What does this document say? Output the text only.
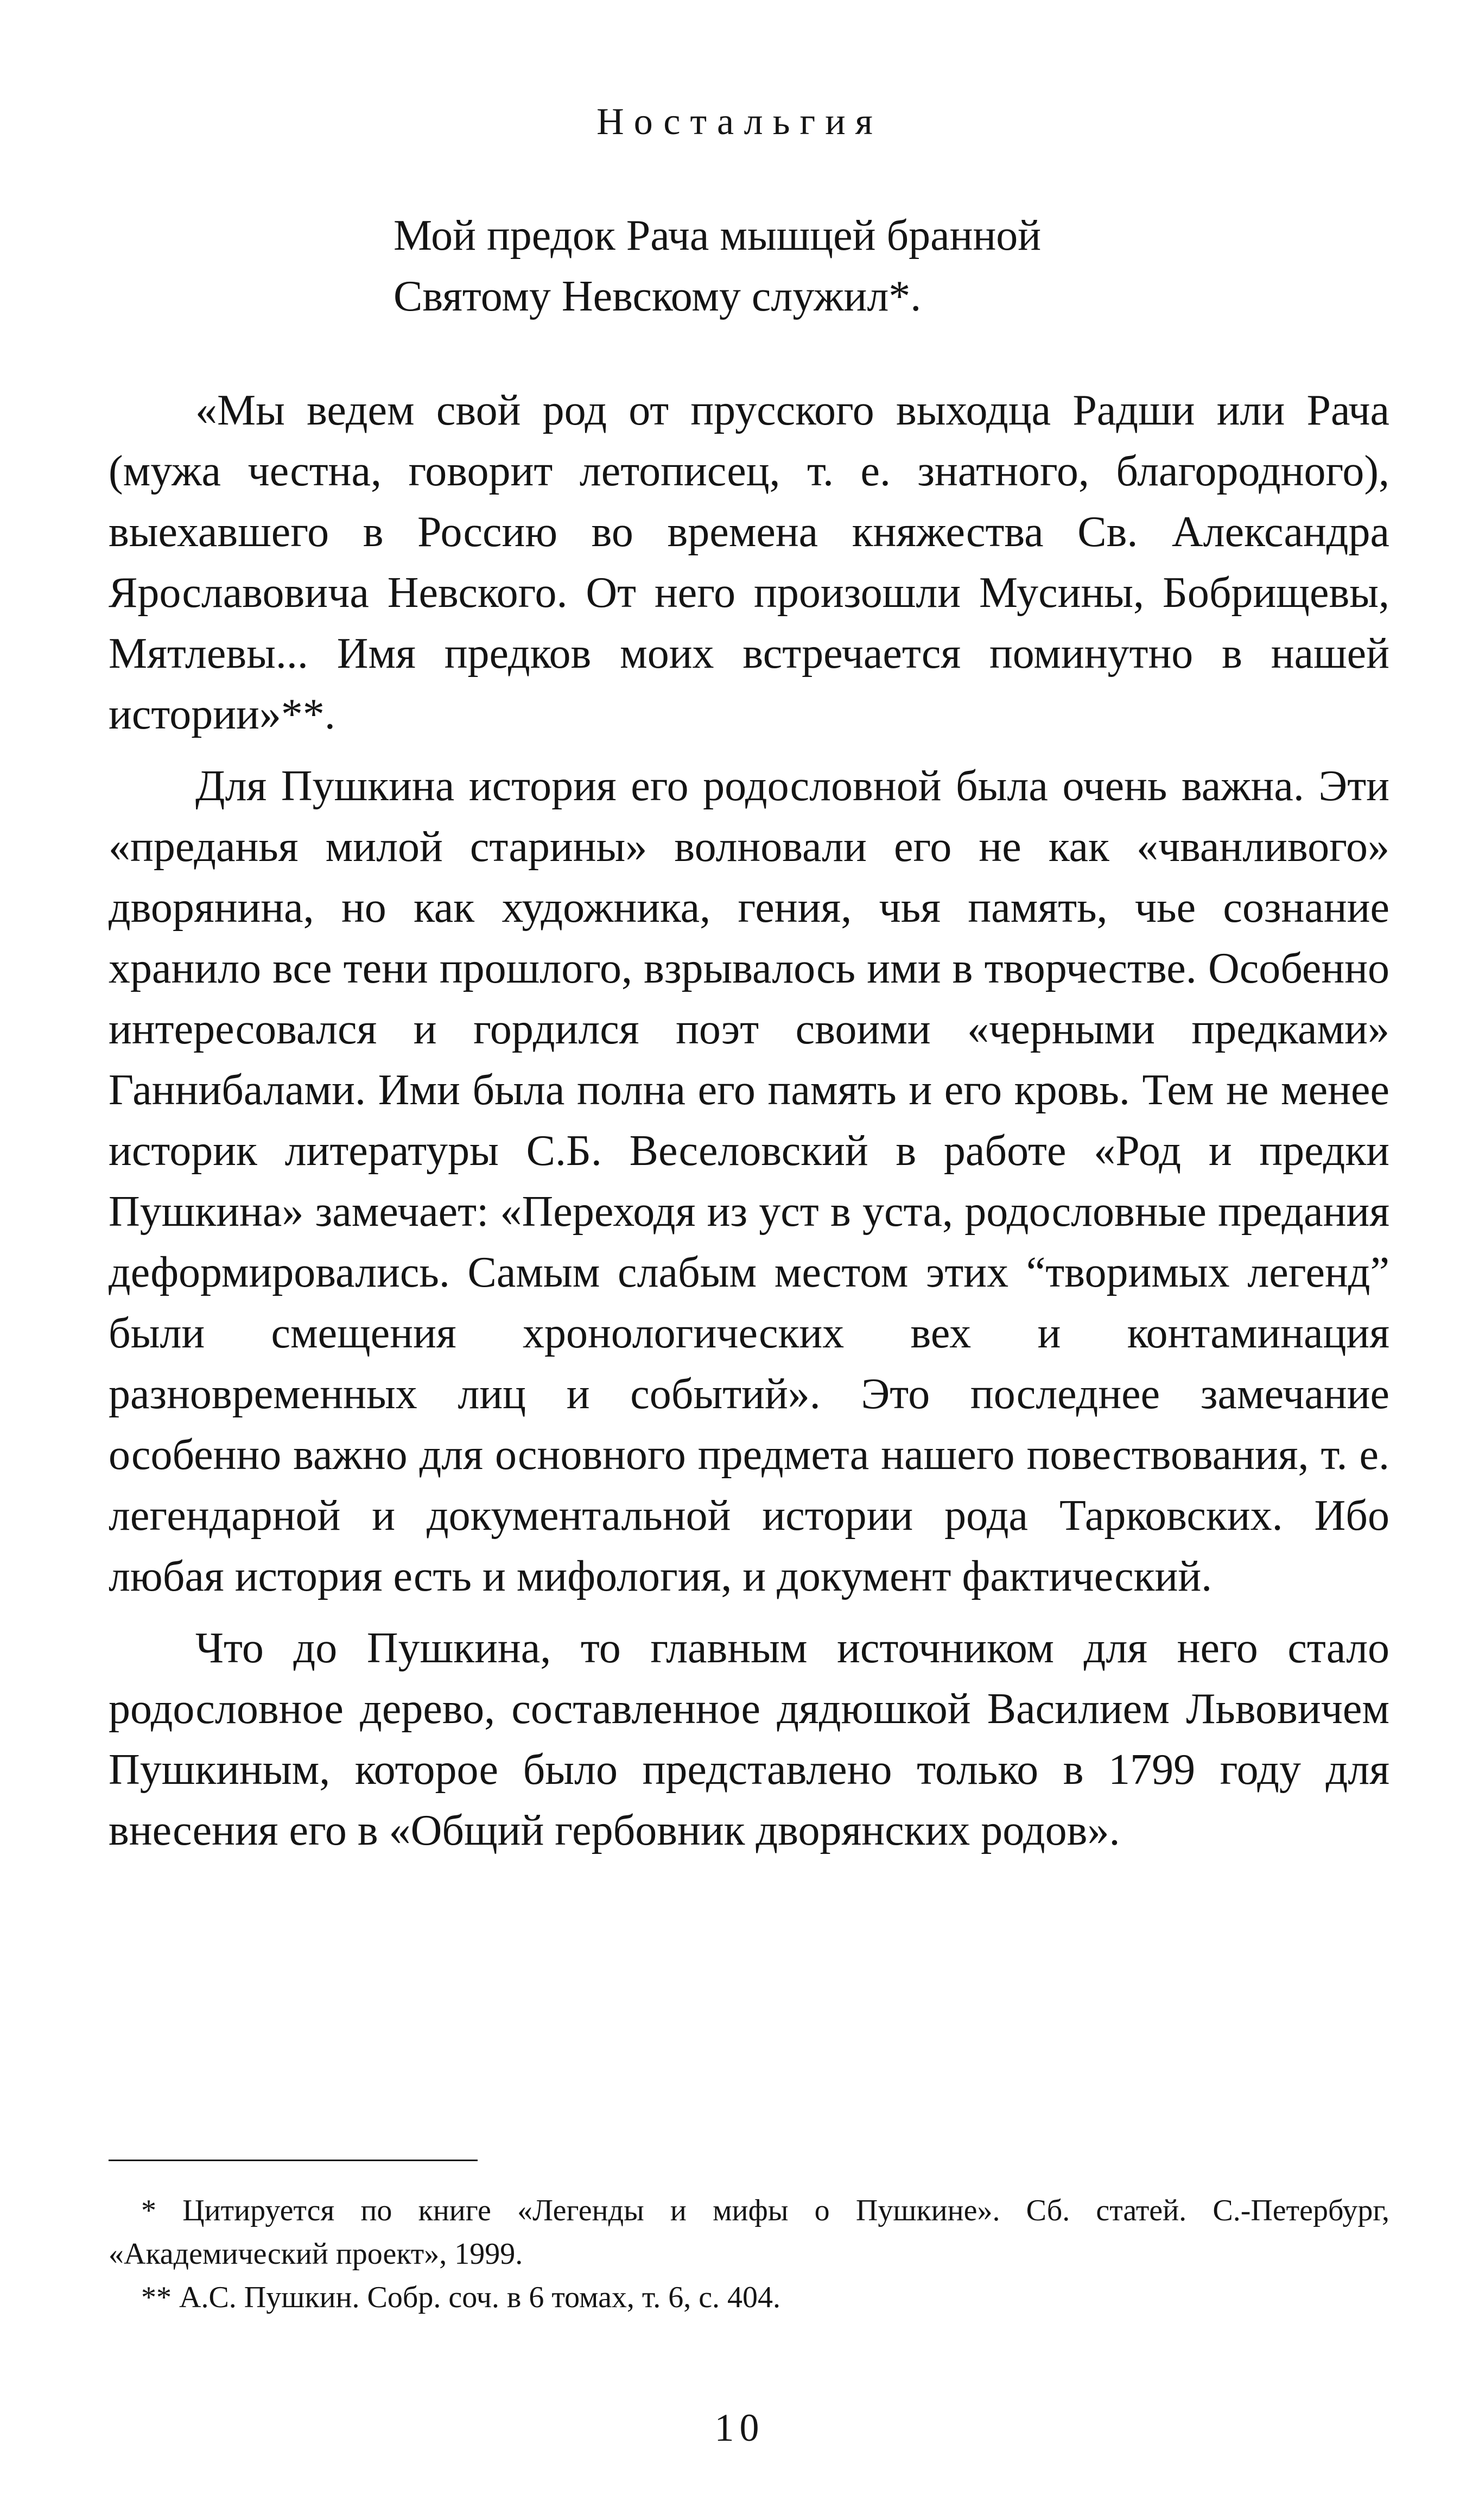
Ностальгия
Мой предок Рача мышцей бранной
Святому Невскому служил*.

«Мы ведем свой род от прусского выходца Радши или Рача (мужа честна, говорит летописец, т. е. знатного, благородного), выехавшего в Россию во времена княжества Св. Александра Ярославовича Невского. От него произошли Мусины, Бобрищевы, Мятлевы... Имя предков моих встречается поминутно в нашей истории»**.

Для Пушкина история его родословной была очень важна. Эти «преданья милой старины» волновали его не как «чванливого» дворянина, но как художника, гения, чья память, чье сознание хранило все тени прошлого, взрывалось ими в творчестве. Особенно интересовался и гордился поэт своими «черными предками» Ганнибалами. Ими была полна его память и его кровь. Тем не менее историк литературы С.Б. Веселовский в работе «Род и предки Пушкина» замечает: «Переходя из уст в уста, родословные предания деформировались. Самым слабым местом этих “творимых легенд” были смещения хронологических вех и контаминация разновременных лиц и событий». Это последнее замечание особенно важно для основного предмета нашего повествования, т. е. легендарной и документальной истории рода Тарковских. Ибо любая история есть и мифология, и документ фактический.

Что до Пушкина, то главным источником для него стало родословное дерево, составленное дядюшкой Василием Львовичем Пушкиным, которое было представлено только в 1799 году для внесения его в «Общий гербовник дворянских родов».

* Цитируется по книге «Легенды и мифы о Пушкине». Сб. статей. С.-Петербург, «Академический проект», 1999.

** А.С. Пушкин. Собр. соч. в 6 томах, т. 6, с. 404.

10
